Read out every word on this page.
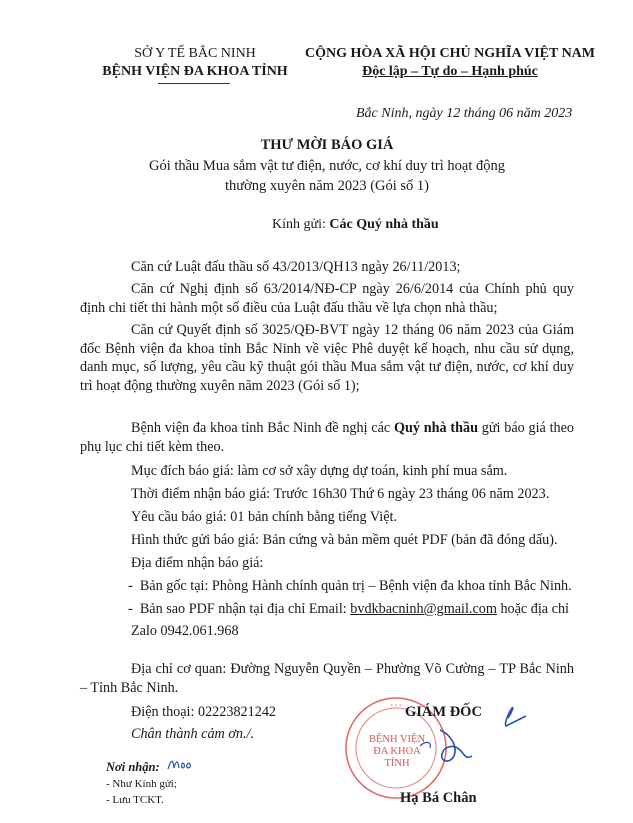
SỞ Y TẾ BẮC NINH
BỆNH VIỆN ĐA KHOA TỈNH
CỘNG HÒA XÃ HỘI CHỦ NGHĨA VIỆT NAM
Độc lập – Tự do – Hạnh phúc
Bắc Ninh, ngày 12 tháng 06 năm 2023
THƯ MỜI BÁO GIÁ
Gói thầu Mua sắm vật tư điện, nước, cơ khí duy trì hoạt động
thường xuyên năm 2023 (Gói số 1)
Kính gửi: Các Quý nhà thầu
Căn cứ Luật đấu thầu số 43/2013/QH13 ngày 26/11/2013;
Căn cứ Nghị định số 63/2014/NĐ-CP ngày 26/6/2014 của Chính phủ quy định chi tiết thi hành một số điều của Luật đấu thầu về lựa chọn nhà thầu;
Căn cứ Quyết định số 3025/QĐ-BVT ngày 12 tháng 06 năm 2023 của Giám đốc Bệnh viện đa khoa tỉnh Bắc Ninh về việc Phê duyệt kế hoạch, nhu cầu sử dụng, danh mục, số lượng, yêu cầu kỹ thuật gói thầu Mua sắm vật tư điện, nước, cơ khí duy trì hoạt động thường xuyên năm 2023 (Gói số 1);
Bệnh viện đa khoa tỉnh Bắc Ninh đề nghị các Quý nhà thầu gửi báo giá theo phụ lục chi tiết kèm theo.
Mục đích báo giá: làm cơ sở xây dựng dự toán, kinh phí mua sắm.
Thời điểm nhận báo giá: Trước 16h30 Thứ 6 ngày 23 tháng 06 năm 2023.
Yêu cầu báo giá: 01 bản chính bằng tiếng Việt.
Hình thức gửi báo giá: Bản cứng và bản mềm quét PDF (bản đã đóng dấu).
Địa điểm nhận báo giá:
-  Bản gốc tại: Phòng Hành chính quản trị – Bệnh viện đa khoa tỉnh Bắc Ninh.
-  Bản sao PDF nhận tại địa chỉ Email: bvdkbacninh@gmail.com hoặc địa chỉ
Zalo 0942.061.968
Địa chỉ cơ quan: Đường Nguyễn Quyền – Phường Võ Cường – TP Bắc Ninh – Tỉnh Bắc Ninh.
Điện thoại: 02223821242
Chân thành cảm ơn./.
Nơi nhận:
- Như Kính gửi;
- Lưu TCKT.
* * *
BỆNH VIỆN
ĐA KHOA
TỈNH
GIÁM ĐỐC
Hạ Bá Chân
